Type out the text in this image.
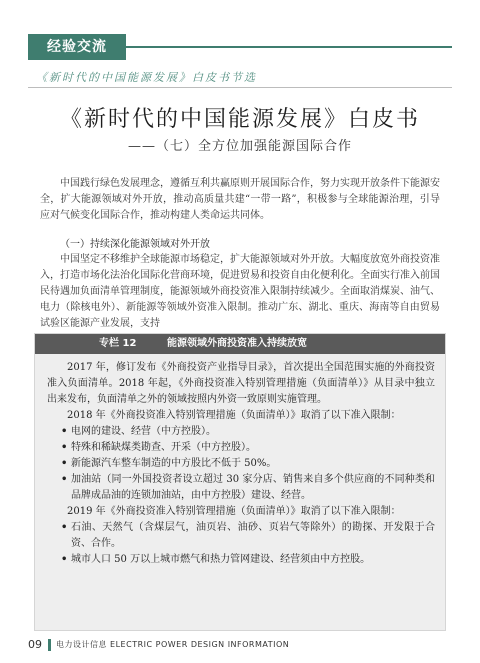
经验交流
《新时代的中国能源发展》白皮书节选
《新时代的中国能源发展》白皮书
——（七）全方位加强能源国际合作
中国践行绿色发展理念，遵循互利共赢原则开展国际合作，努力实现开放条件下能源安全，扩大能源领域对外开放，推动高质量共建“一带一路”，积极参与全球能源治理，引导应对气候变化国际合作，推动构建人类命运共同体。
（一）持续深化能源领域对外开放
中国坚定不移维护全球能源市场稳定，扩大能源领域对外开放。大幅度放宽外商投资准入，打造市场化法治化国际化营商环境，促进贸易和投资自由化便利化。全面实行准入前国民待遇加负面清单管理制度，能源领域外商投资准入限制持续减少。全面取消煤炭、油气、电力（除核电外）、新能源等领域外资准入限制。推动广东、湖北、重庆、海南等自由贸易试验区能源产业发展，支持
专栏 12	能源领域外商投资准入持续放宽

2017 年，修订发布《外商投资产业指导目录》，首次提出全国范围实施的外商投资准入负面清单。2018 年起，《外商投资准入特别管理措施（负面清单）》从目录中独立出来发布，负面清单之外的领域按照内外资一致原则实施管理。

2018 年《外商投资准入特别管理措施（负面清单）》取消了以下准入限制：

• 电网的建设、经营（中方控股）。
• 特殊和稀缺煤类勘查、开采（中方控股）。
• 新能源汽车整车制造的中方股比不低于 50%。
• 加油站（同一外国投资者设立超过 30 家分店、销售来自多个供应商的不同种类和品牌成品油的连锁加油站，由中方控股）建设、经营。

2019 年《外商投资准入特别管理措施（负面清单）》取消了以下准入限制：

• 石油、天然气（含煤层气，油页岩、油砂、页岩气等除外）的勘探、开发限于合资、合作。
• 城市人口 50 万以上城市燃气和热力管网建设、经营须由中方控股。
09 电力设计信息 ELECTRIC POWER DESIGN INFORMATION
